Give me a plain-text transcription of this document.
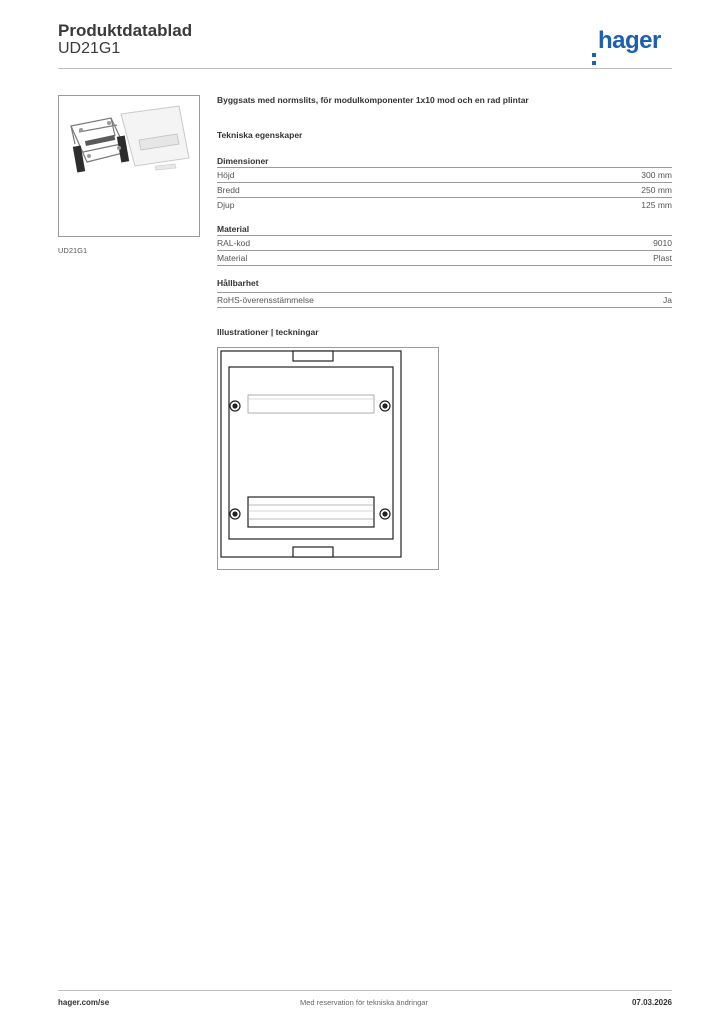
Produktdatablad
UD21G1	hager
UD21G1
Byggsats med normslits, för modulkomponenter 1x10 mod och en rad plintar
Tekniska egenskaper
Dimensioner
Höjd	300 mm
Bredd	250 mm
Djup	125 mm
Material
RAL-kod	9010
Material	Plast
Hållbarhet
RoHS-överensstämmelse	Ja
Illustrationer | teckningar
hager.com/se	Med reservation för tekniska ändringar	07.03.2026
